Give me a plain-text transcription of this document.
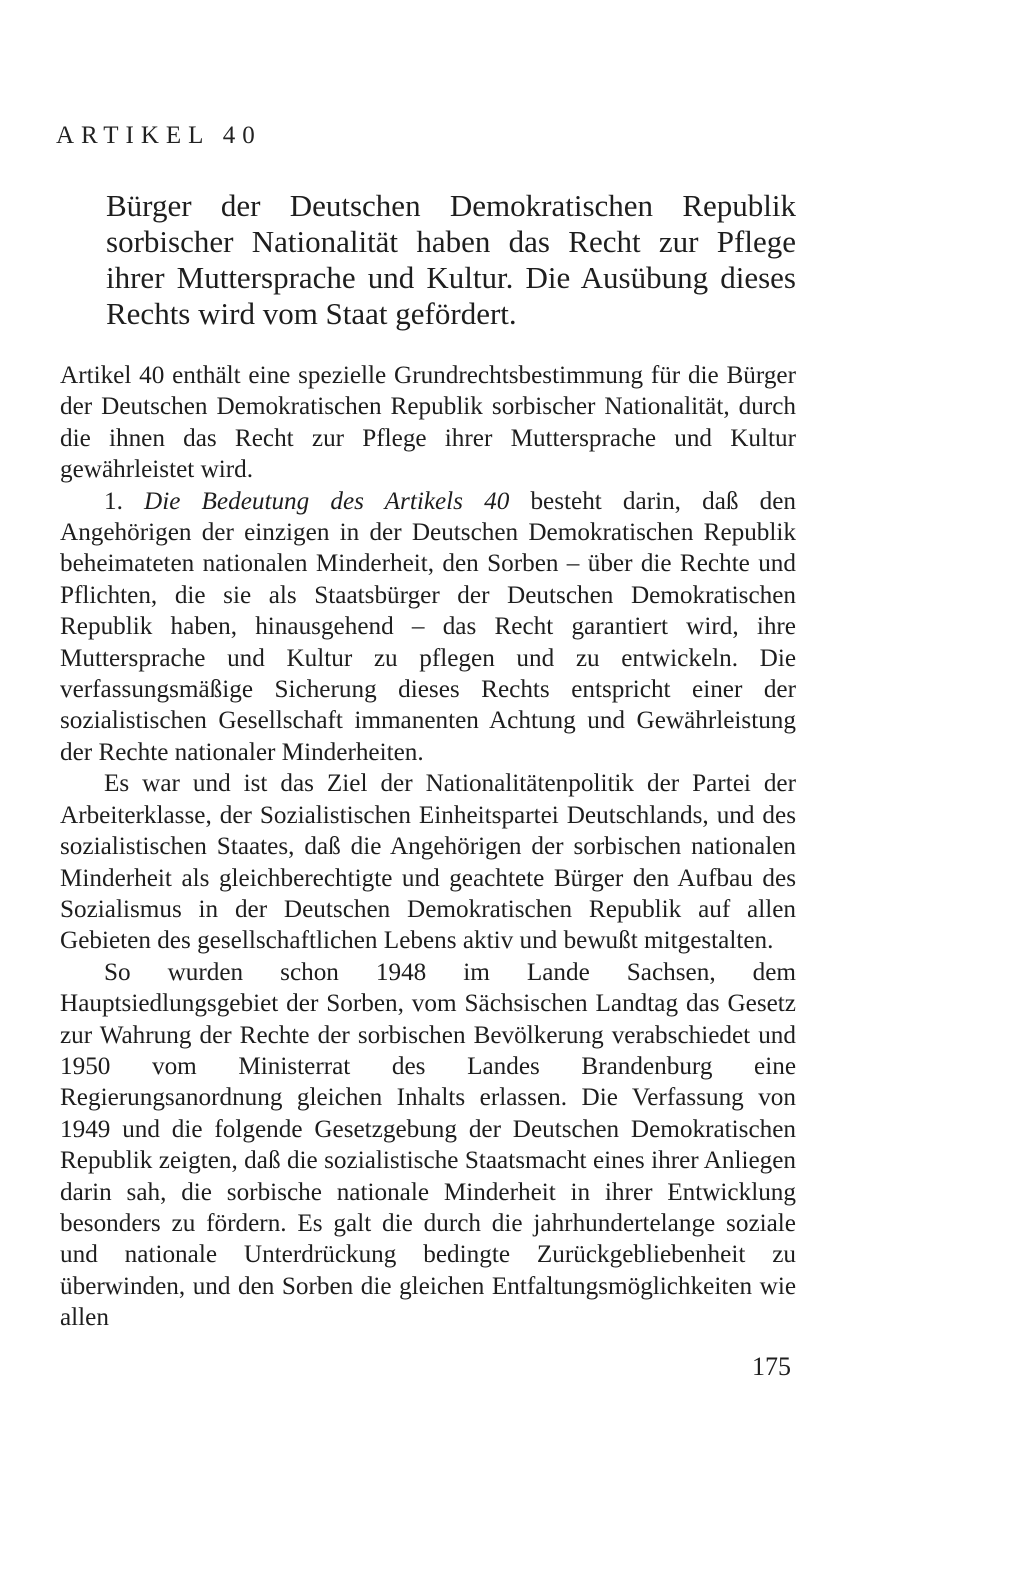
ARTIKEL 40
Bürger der Deutschen Demokratischen Republik sorbischer Nationalität haben das Recht zur Pflege ihrer Muttersprache und Kultur. Die Ausübung dieses Rechts wird vom Staat gefördert.

Artikel 40 enthält eine spezielle Grundrechtsbestimmung für die Bürger der Deutschen Demokratischen Republik sorbischer Nationalität, durch die ihnen das Recht zur Pflege ihrer Muttersprache und Kultur gewährleistet wird.

1. Die Bedeutung des Artikels 40 besteht darin, daß den Angehörigen der einzigen in der Deutschen Demokratischen Republik beheimateten nationalen Minderheit, den Sorben – über die Rechte und Pflichten, die sie als Staatsbürger der Deutschen Demokratischen Republik haben, hinausgehend – das Recht garantiert wird, ihre Muttersprache und Kultur zu pflegen und zu entwickeln. Die verfassungsmäßige Sicherung dieses Rechts entspricht einer der sozialistischen Gesellschaft immanenten Achtung und Gewährleistung der Rechte nationaler Minderheiten.

Es war und ist das Ziel der Nationalitätenpolitik der Partei der Arbeiterklasse, der Sozialistischen Einheitspartei Deutschlands, und des sozialistischen Staates, daß die Angehörigen der sorbischen nationalen Minderheit als gleichberechtigte und geachtete Bürger den Aufbau des Sozialismus in der Deutschen Demokratischen Republik auf allen Gebieten des gesellschaftlichen Lebens aktiv und bewußt mitgestalten.

So wurden schon 1948 im Lande Sachsen, dem Hauptsiedlungsgebiet der Sorben, vom Sächsischen Landtag das Gesetz zur Wahrung der Rechte der sorbischen Bevölkerung verabschiedet und 1950 vom Ministerrat des Landes Brandenburg eine Regierungsanordnung gleichen Inhalts erlassen. Die Verfassung von 1949 und die folgende Gesetzgebung der Deutschen Demokratischen Republik zeigten, daß die sozialistische Staatsmacht eines ihrer Anliegen darin sah, die sorbische nationale Minderheit in ihrer Entwicklung besonders zu fördern. Es galt die durch die jahrhundertelange soziale und nationale Unterdrückung bedingte Zurückgebliebenheit zu überwinden, und den Sorben die gleichen Entfaltungsmöglichkeiten wie allen

175
